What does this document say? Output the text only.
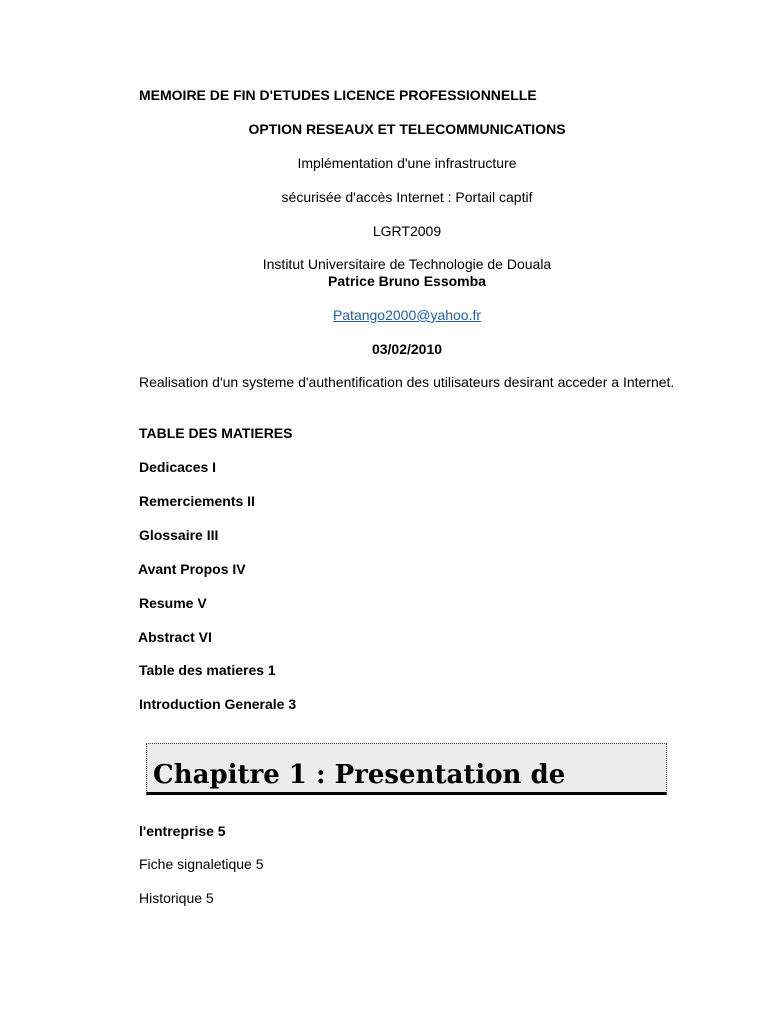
MEMOIRE DE FIN D'ETUDES LICENCE PROFESSIONNELLE
OPTION RESEAUX ET TELECOMMUNICATIONS
Implémentation d'une infrastructure
sécurisée d'accès Internet : Portail captif
LGRT2009
Institut Universitaire de Technologie de Douala
Patrice Bruno Essomba
Patango2000@yahoo.fr
03/02/2010
Realisation d'un systeme d'authentification des utilisateurs desirant acceder a Internet.
TABLE DES MATIERES
Dedicaces I
Remerciements II
Glossaire III
Avant Propos IV
Resume V
Abstract VI
Table des matieres 1
Introduction Generale 3
Chapitre 1 : Presentation de
l'entreprise 5
Fiche signaletique 5
Historique 5
